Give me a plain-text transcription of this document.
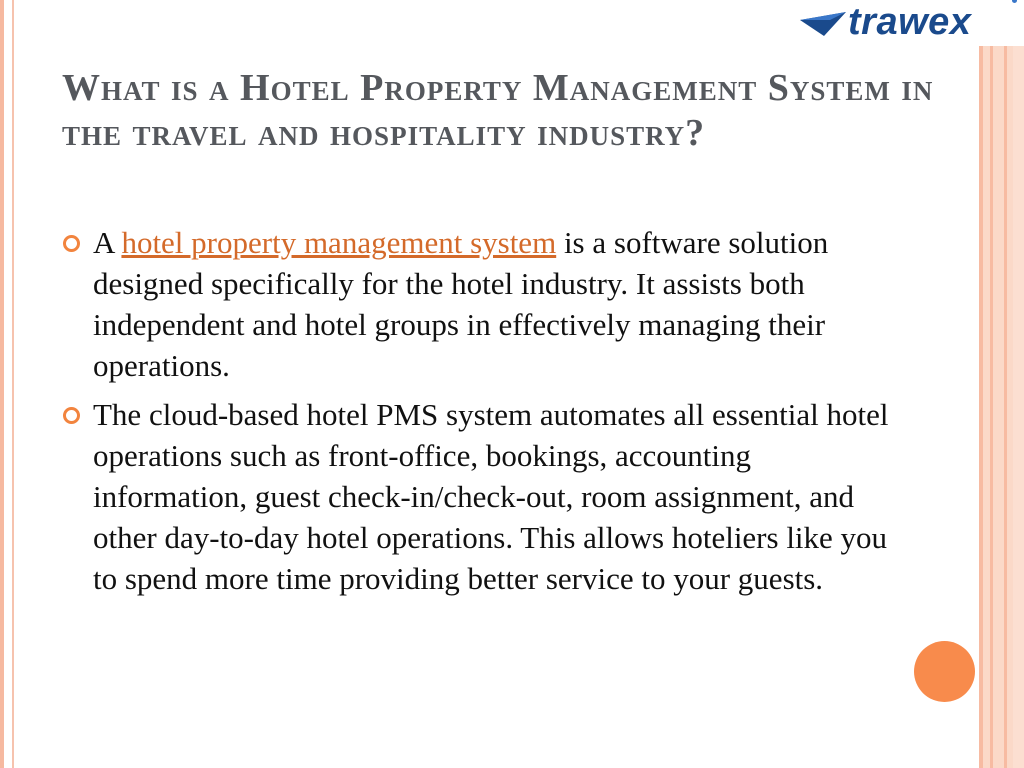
trawex
What is a Hotel Property Management System in the travel and hospitality industry?
A hotel property management system is a software solution designed specifically for the hotel industry. It assists both independent and hotel groups in effectively managing their operations.
The cloud-based hotel PMS system automates all essential hotel operations such as front-office, bookings, accounting information, guest check-in/check-out, room assignment, and other day-to-day hotel operations. This allows hoteliers like you to spend more time providing better service to your guests.
